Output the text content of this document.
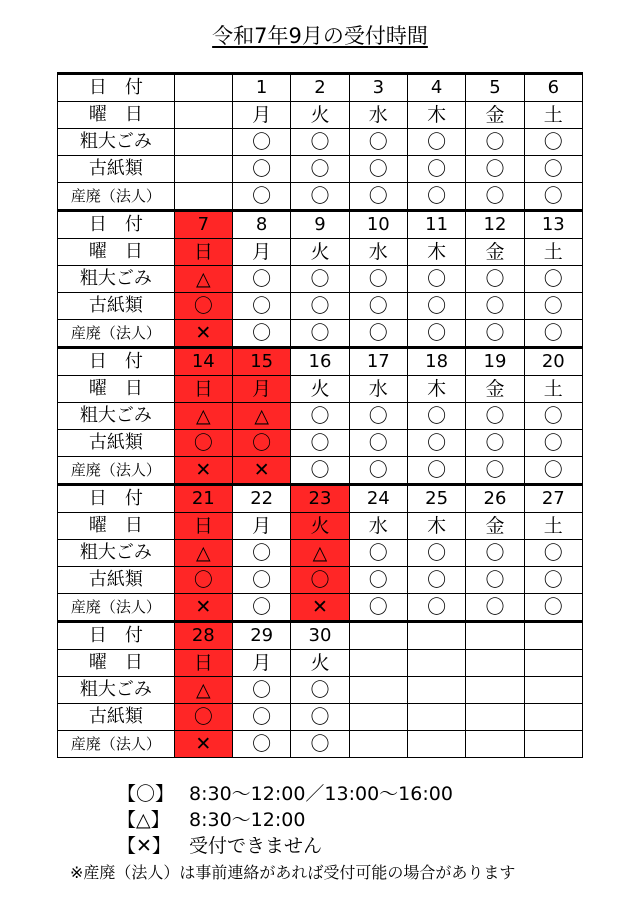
令和7年9月の受付時間
日　付		1	2	3	4	5	6
曜　日		月	火	水	木	金	土
粗大ごみ		〇	〇	〇	〇	〇	〇
古紙類		〇	〇	〇	〇	〇	〇
産廃（法人）		〇	〇	〇	〇	〇	〇
日　付	7	8	9	10	11	12	13
曜　日	日	月	火	水	木	金	土
粗大ごみ	△	〇	〇	〇	〇	〇	〇
古紙類	〇	〇	〇	〇	〇	〇	〇
産廃（法人）	✕	〇	〇	〇	〇	〇	〇
日　付	14	15	16	17	18	19	20
曜　日	日	月	火	水	木	金	土
粗大ごみ	△	△	〇	〇	〇	〇	〇
古紙類	〇	〇	〇	〇	〇	〇	〇
産廃（法人）	✕	✕	〇	〇	〇	〇	〇
日　付	21	22	23	24	25	26	27
曜　日	日	月	火	水	木	金	土
粗大ごみ	△	〇	△	〇	〇	〇	〇
古紙類	〇	〇	〇	〇	〇	〇	〇
産廃（法人）	✕	〇	✕	〇	〇	〇	〇
日　付	28	29	30				
曜　日	日	月	火				
粗大ごみ	△	〇	〇				
古紙類	〇	〇	〇				
産廃（法人）	✕	〇	〇				
【〇】 8:30〜12:00／13:00〜16:00
【△】 8:30〜12:00
【✕】 受付できません
※産廃（法人）は事前連絡があれば受付可能の場合があります
